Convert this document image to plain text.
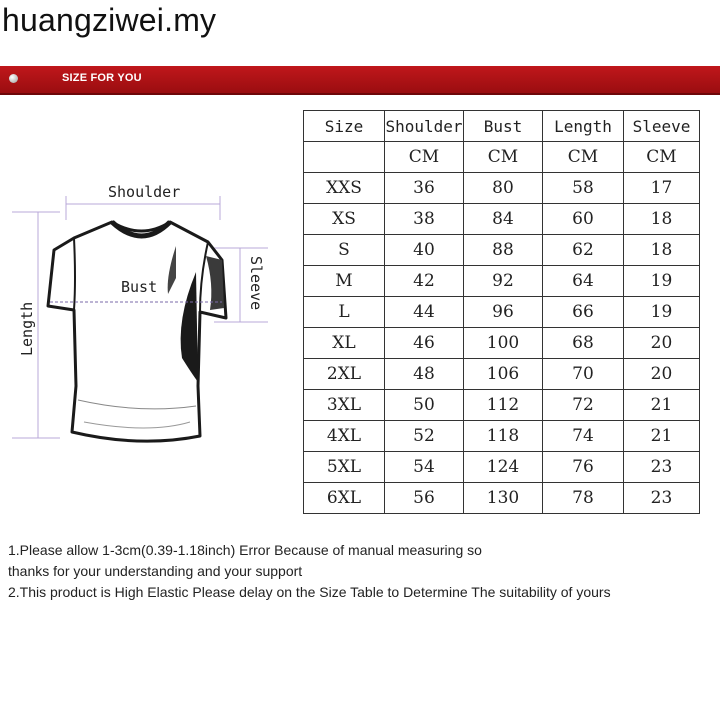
huangziwei.my
SIZE FOR YOU
Shoulder
Bust
Length
Sleeve
Size	Shoulder	Bust	Length	Sleeve
	CM	CM	CM	CM
XXS	36	80	58	17
XS	38	84	60	18
S	40	88	62	18
M	42	92	64	19
L	44	96	66	19
XL	46	100	68	20
2XL	48	106	70	20
3XL	50	112	72	21
4XL	52	118	74	21
5XL	54	124	76	23
6XL	56	130	78	23
1.Please allow 1-3cm(0.39-1.18inch) Error Because of manual measuring so
thanks for your understanding and your support
2.This product is High Elastic Please delay on the Size Table to Determine The suitability of yours
